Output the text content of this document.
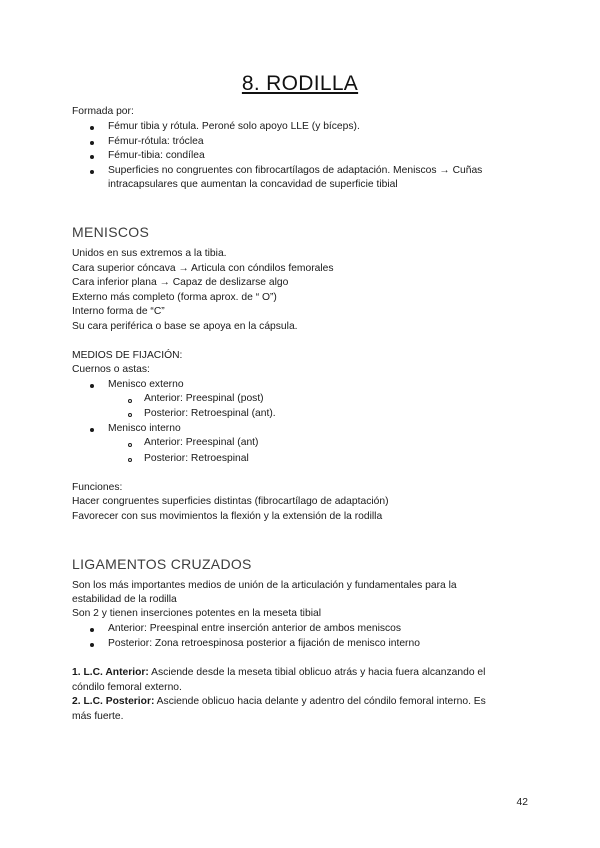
8. RODILLA
Formada por:
Fémur tibia y rótula. Peroné solo apoyo LLE (y bíceps).
Fémur-rótula: tróclea
Fémur-tibia: condílea
Superficies no congruentes con fibrocartílagos de adaptación. Meniscos → Cuñas
intracapsulares que aumentan la concavidad de superficie tibial
MENISCOS
Unidos en sus extremos a la tibia.
Cara superior cóncava → Articula con cóndilos femorales
Cara inferior plana → Capaz de deslizarse algo
Externo más completo (forma aprox. de “ O”)
Interno forma de “C”
Su cara periférica o base se apoya en la cápsula.
MEDIOS DE FIJACIÓN:
Cuernos o astas:
Menisco externo
Anterior: Preespinal (post)
Posterior: Retroespinal (ant).
Menisco interno
Anterior: Preespinal (ant)
Posterior: Retroespinal
Funciones:
Hacer congruentes superficies distintas (fibrocartílago de adaptación)
Favorecer con sus movimientos la flexión y la extensión de la rodilla
LIGAMENTOS CRUZADOS
Son los más importantes medios de unión de la articulación y fundamentales para la
estabilidad de la rodilla
Son 2 y tienen inserciones potentes en la meseta tibial
Anterior: Preespinal entre inserción anterior de ambos meniscos
Posterior: Zona retroespinosa posterior a fijación de menisco interno
1. L.C. Anterior: Asciende desde la meseta tibial oblicuo atrás y hacia fuera alcanzando el
cóndilo femoral externo.
2. L.C. Posterior: Asciende oblicuo hacia delante y adentro del cóndilo femoral interno. Es
más fuerte.
42
